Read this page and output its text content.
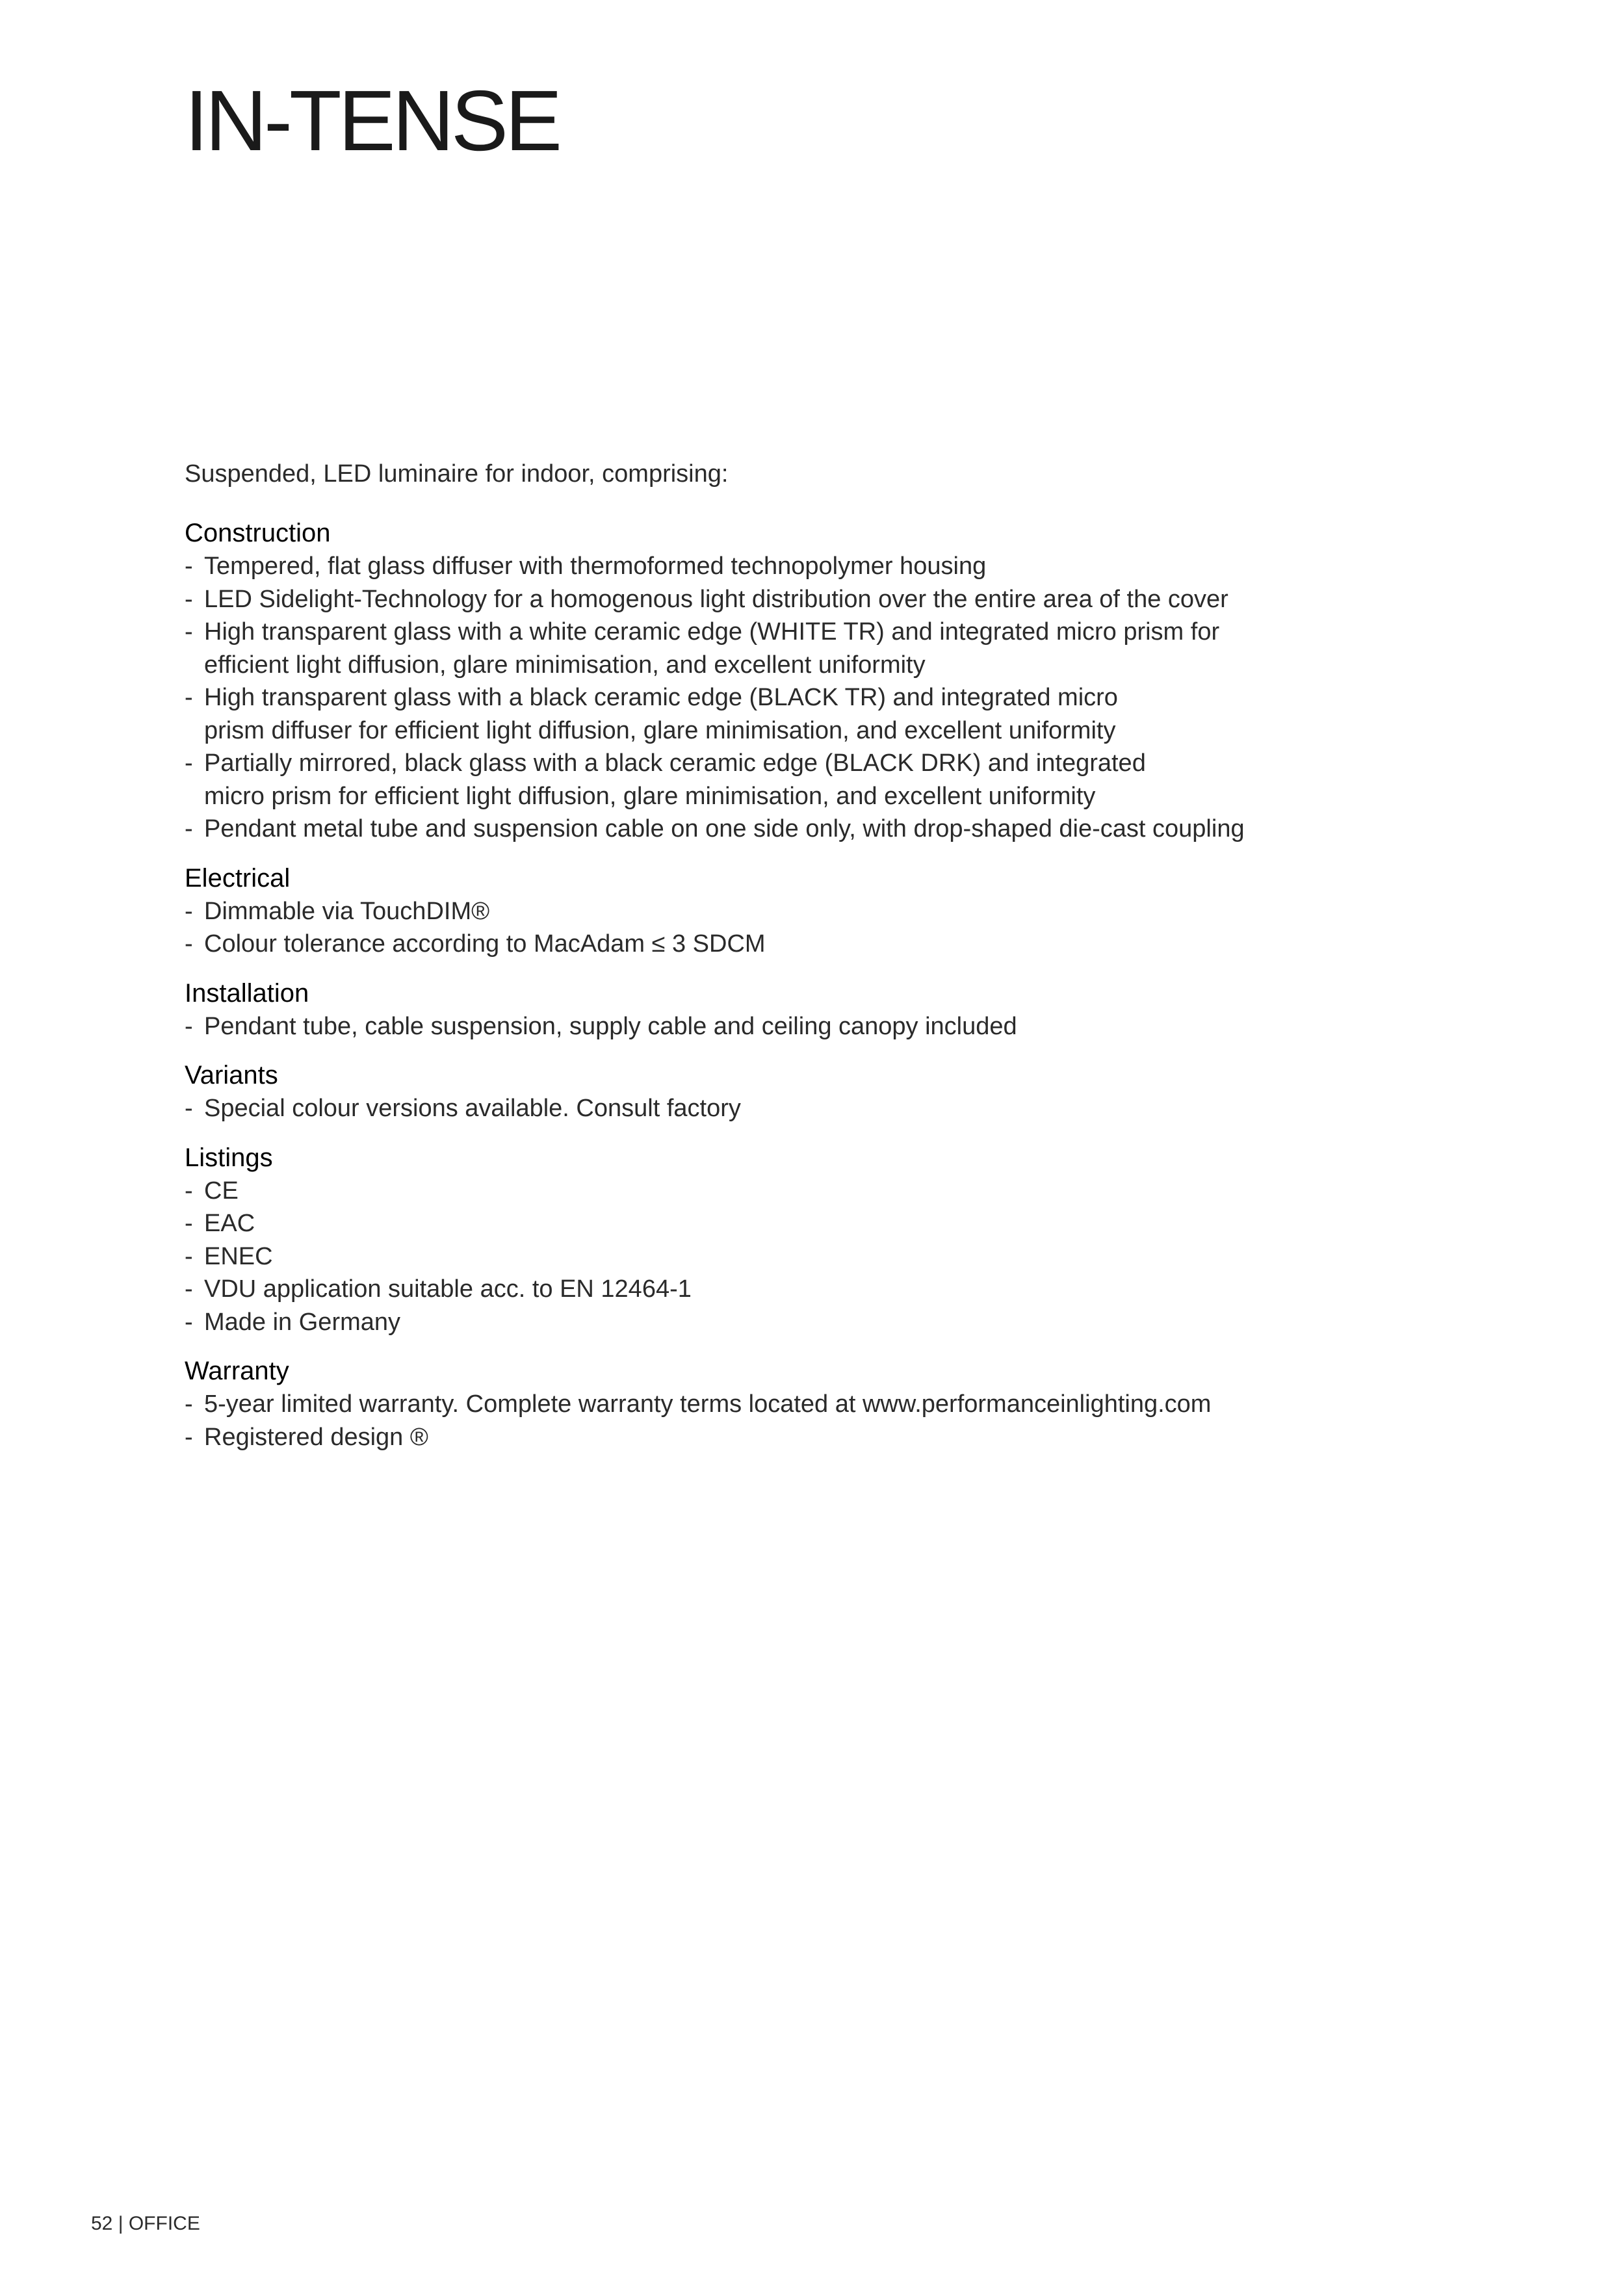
IN-TENSE

Suspended, LED luminaire for indoor, comprising:

Construction
- Tempered, flat glass diffuser with thermoformed technopolymer housing
- LED Sidelight-Technology for a homogenous light distribution over the entire area of the cover
- High transparent glass with a white ceramic edge (WHITE TR) and integrated micro prism for
efficient light diffusion, glare minimisation, and excellent uniformity
- High transparent glass with a black ceramic edge (BLACK TR) and integrated micro
prism diffuser for efficient light diffusion, glare minimisation, and excellent uniformity
- Partially mirrored, black glass with a black ceramic edge (BLACK DRK) and integrated
micro prism for efficient light diffusion, glare minimisation, and excellent uniformity
- Pendant metal tube and suspension cable on one side only, with drop-shaped die-cast coupling
Electrical
- Dimmable via TouchDIM®
- Colour tolerance according to MacAdam ≤ 3 SDCM
Installation
- Pendant tube, cable suspension, supply cable and ceiling canopy included
Variants
- Special colour versions available. Consult factory
Listings
- CE
- EAC
- ENEC
- VDU application suitable acc. to EN 12464-1
- Made in Germany
Warranty
- 5-year limited warranty. Complete warranty terms located at www.performanceinlighting.com
- Registered design ®
52 | OFFICE
